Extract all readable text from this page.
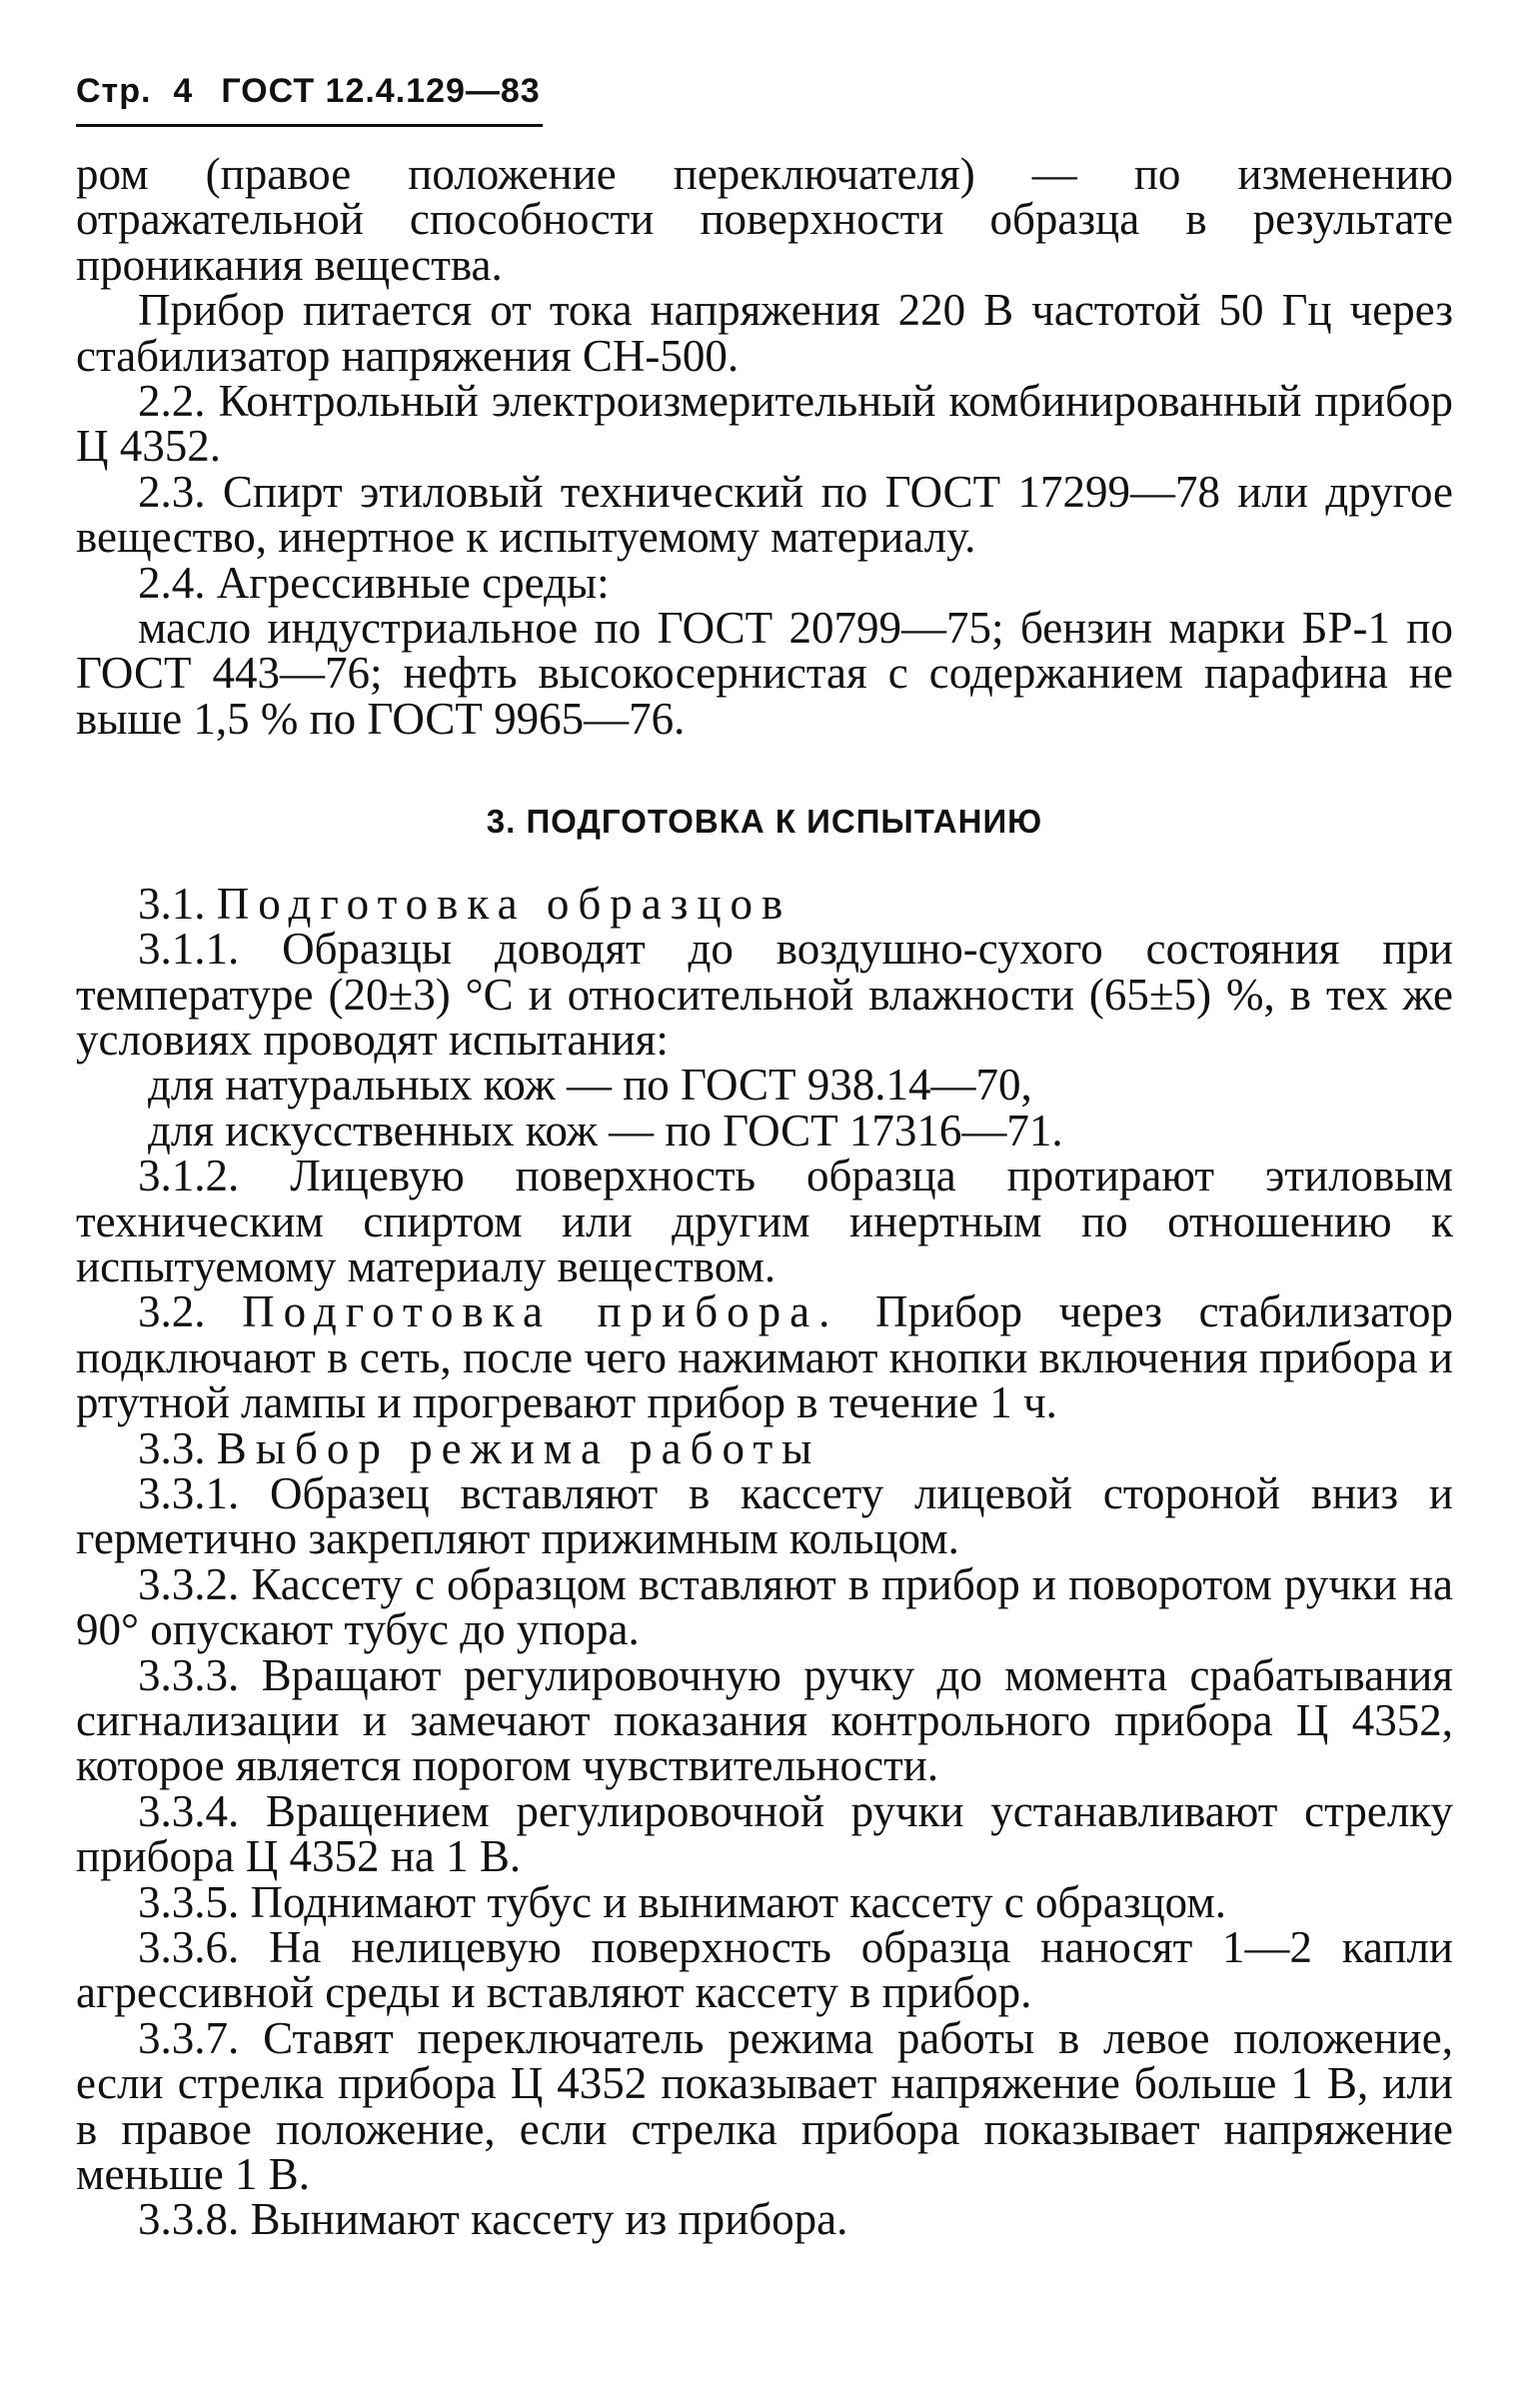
Стр. 4 ГОСТ 12.4.129—83

ром (правое положение переключателя) — по изменению отражательной способности поверхности образца в результате проникания вещества.

Прибор питается от тока напряжения 220 В частотой 50 Гц через стабилизатор напряжения СН-500.

2.2. Контрольный электроизмерительный комбинированный прибор Ц 4352.

2.3. Спирт этиловый технический по ГОСТ 17299—78 или другое вещество, инертное к испытуемому материалу.

2.4. Агрессивные среды:

масло индустриальное по ГОСТ 20799—75; бензин марки БР-1 по ГОСТ 443—76; нефть высокосернистая с содержанием парафина не выше 1,5 % по ГОСТ 9965—76.

3. ПОДГОТОВКА К ИСПЫТАНИЮ

3.1. Подготовка образцов

3.1.1. Образцы доводят до воздушно-сухого состояния при температуре (20±3) °С и относительной влажности (65±5) %, в тех же условиях проводят испытания:

для натуральных кож — по ГОСТ 938.14—70,

для искусственных кож — по ГОСТ 17316—71.

3.1.2. Лицевую поверхность образца протирают этиловым техническим спиртом или другим инертным по отношению к испытуемому материалу веществом.

3.2. Подготовка прибора. Прибор через стабилизатор подключают в сеть, после чего нажимают кнопки включения прибора и ртутной лампы и прогревают прибор в течение 1 ч.

3.3. Выбор режима работы

3.3.1. Образец вставляют в кассету лицевой стороной вниз и герметично закрепляют прижимным кольцом.

3.3.2. Кассету с образцом вставляют в прибор и поворотом ручки на 90° опускают тубус до упора.

3.3.3. Вращают регулировочную ручку до момента срабатывания сигнализации и замечают показания контрольного прибора Ц 4352, которое является порогом чувствительности.

3.3.4. Вращением регулировочной ручки устанавливают стрелку прибора Ц 4352 на 1 В.

3.3.5. Поднимают тубус и вынимают кассету с образцом.

3.3.6. На нелицевую поверхность образца наносят 1—2 капли агрессивной среды и вставляют кассету в прибор.

3.3.7. Ставят переключатель режима работы в левое положение, если стрелка прибора Ц 4352 показывает напряжение больше 1 В, или в правое положение, если стрелка прибора показывает напряжение меньше 1 В.

3.3.8. Вынимают кассету из прибора.
